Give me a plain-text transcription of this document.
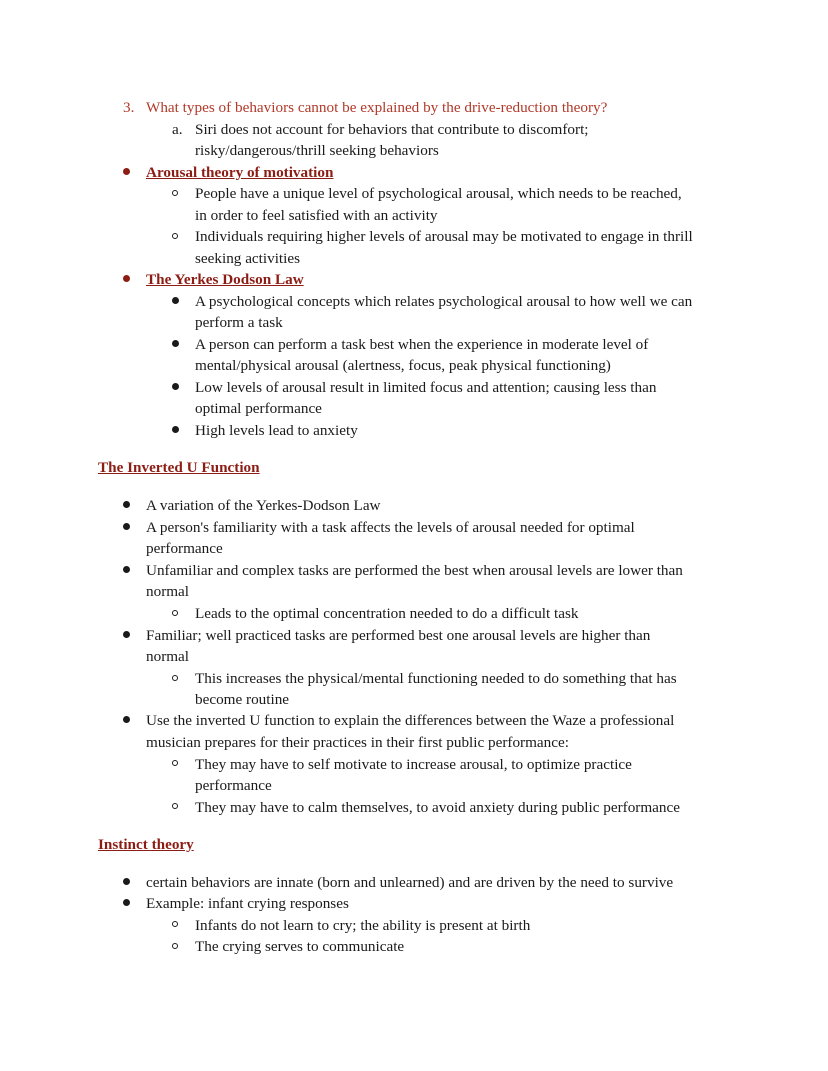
3. What types of behaviors cannot be explained by the drive-reduction theory?
a. Siri does not account for behaviors that contribute to discomfort;
risky/dangerous/thrill seeking behaviors
Arousal theory of motivation
People have a unique level of psychological arousal, which needs to be reached,
in order to feel satisfied with an activity
Individuals requiring higher levels of arousal may be motivated to engage in thrill
seeking activities
The Yerkes Dodson Law
A psychological concepts which relates psychological arousal to how well we can
perform a task
A person can perform a task best when the experience in moderate level of
mental/physical arousal (alertness, focus, peak physical functioning)
Low levels of arousal result in limited focus and attention; causing less than
optimal performance
High levels lead to anxiety
The Inverted U Function
A variation of the Yerkes-Dodson Law
A person's familiarity with a task affects the levels of arousal needed for optimal
performance
Unfamiliar and complex tasks are performed the best when arousal levels are lower than
normal
Leads to the optimal concentration needed to do a difficult task
Familiar; well practiced tasks are performed best one arousal levels are higher than
normal
This increases the physical/mental functioning needed to do something that has
become routine
Use the inverted U function to explain the differences between the Waze a professional
musician prepares for their practices in their first public performance:
They may have to self motivate to increase arousal, to optimize practice
performance
They may have to calm themselves, to avoid anxiety during public performance
Instinct theory
certain behaviors are innate (born and unlearned) and are driven by the need to survive
Example: infant crying responses
Infants do not learn to cry; the ability is present at birth
The crying serves to communicate
